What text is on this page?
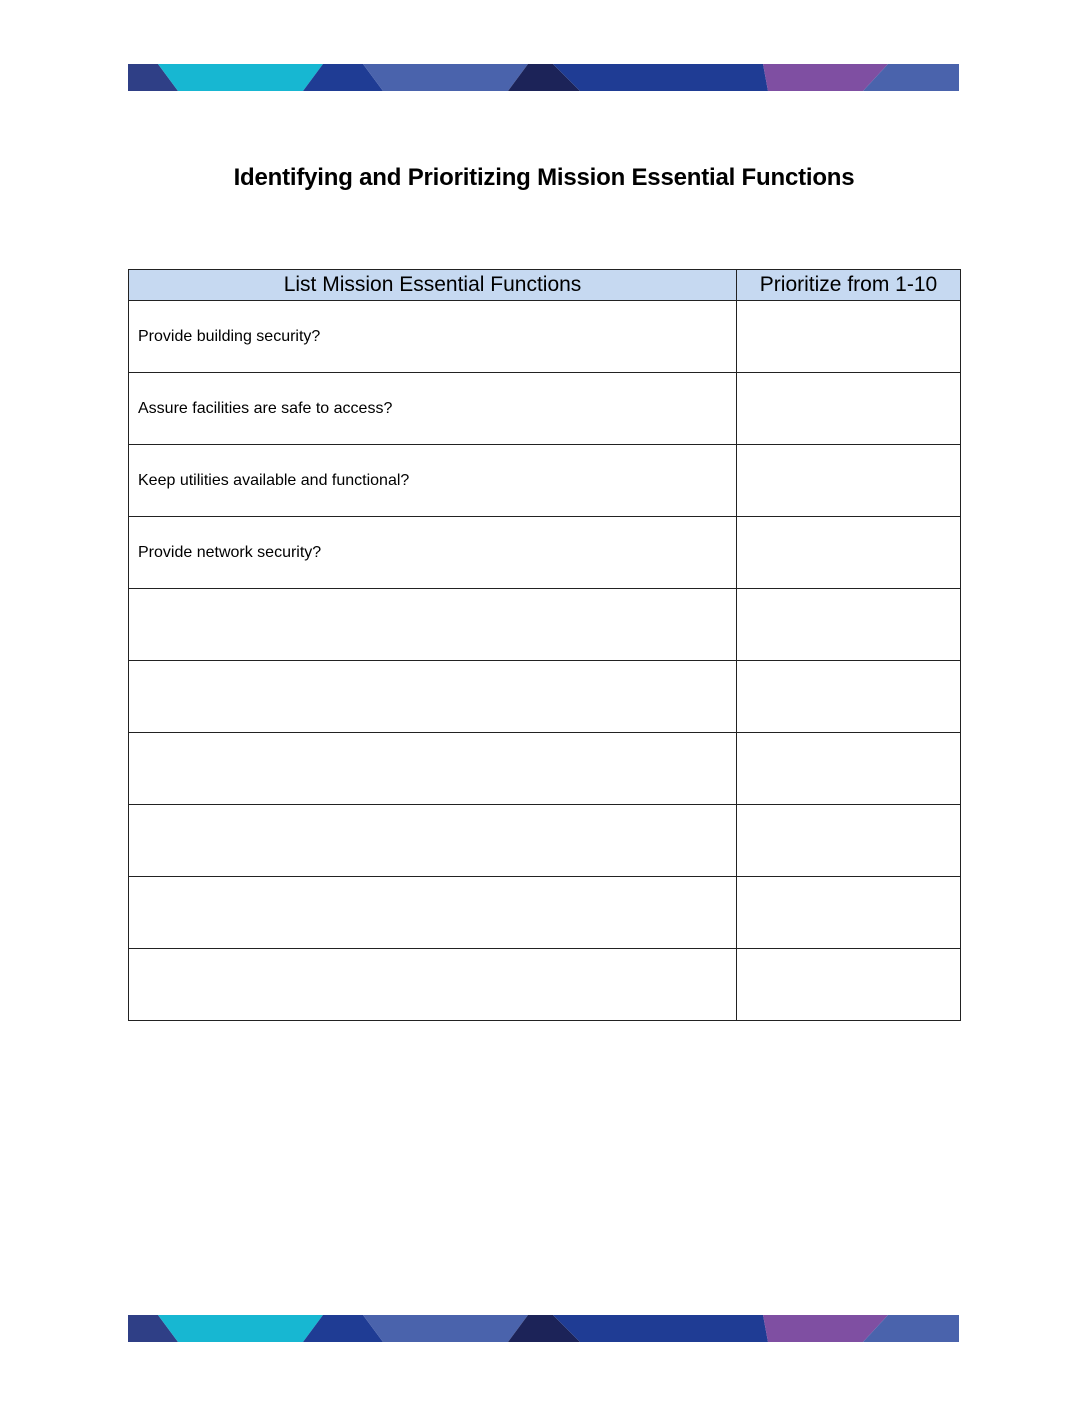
Identifying and Prioritizing Mission Essential Functions
List Mission Essential Functions	Prioritize from 1-10
Provide building security?	
Assure facilities are safe to access?	
Keep utilities available and functional?	
Provide network security?	
